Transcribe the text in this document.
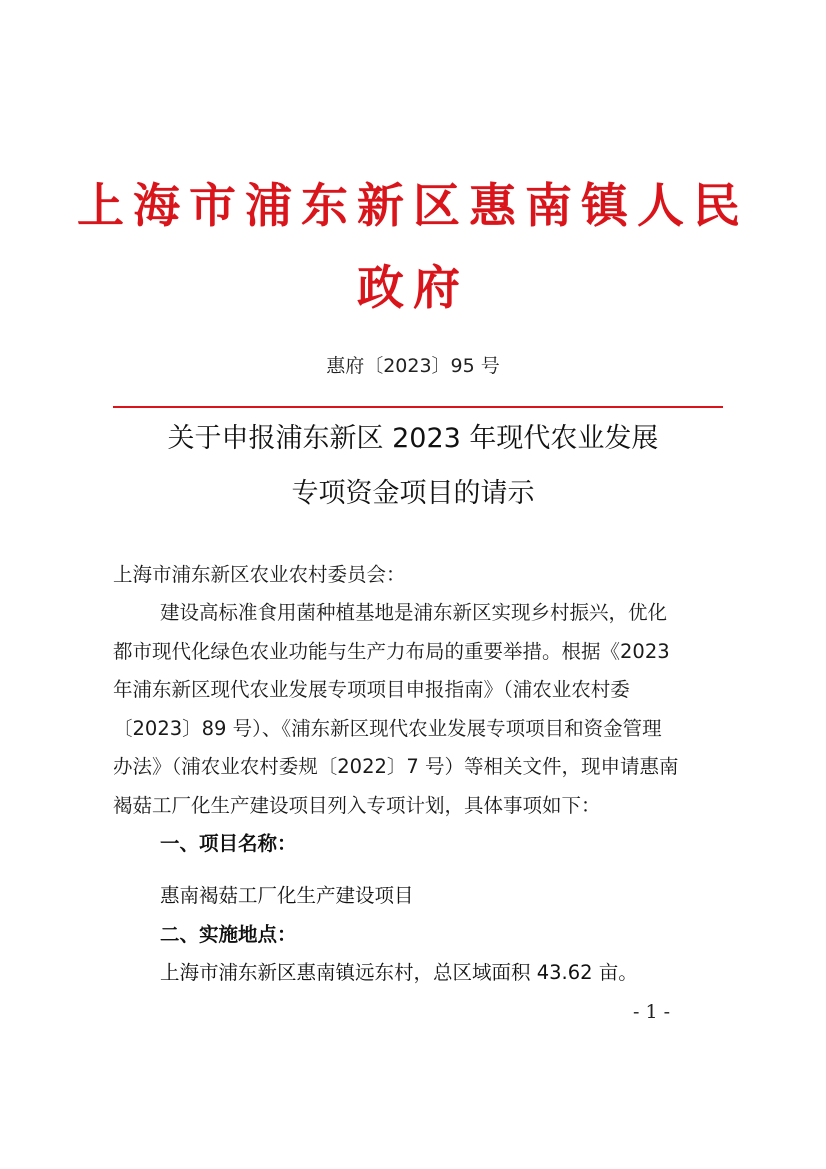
上海市浦东新区惠南镇人民
政府
惠府〔2023〕95 号
关于申报浦东新区 2023 年现代农业发展
专项资金项目的请示
上海市浦东新区农业农村委员会：
建设高标准食用菌种植基地是浦东新区实现乡村振兴，优化
都市现代化绿色农业功能与生产力布局的重要举措。根据《2023
年浦东新区现代农业发展专项项目申报指南》（浦农业农村委
〔2023〕89 号）、《浦东新区现代农业发展专项项目和资金管理
办法》（浦农业农村委规〔2022〕7 号）等相关文件，现申请惠南
褐菇工厂化生产建设项目列入专项计划，具体事项如下：
一、项目名称：
惠南褐菇工厂化生产建设项目
二、实施地点：
上海市浦东新区惠南镇远东村，总区域面积 43.62 亩。
- 1 -
